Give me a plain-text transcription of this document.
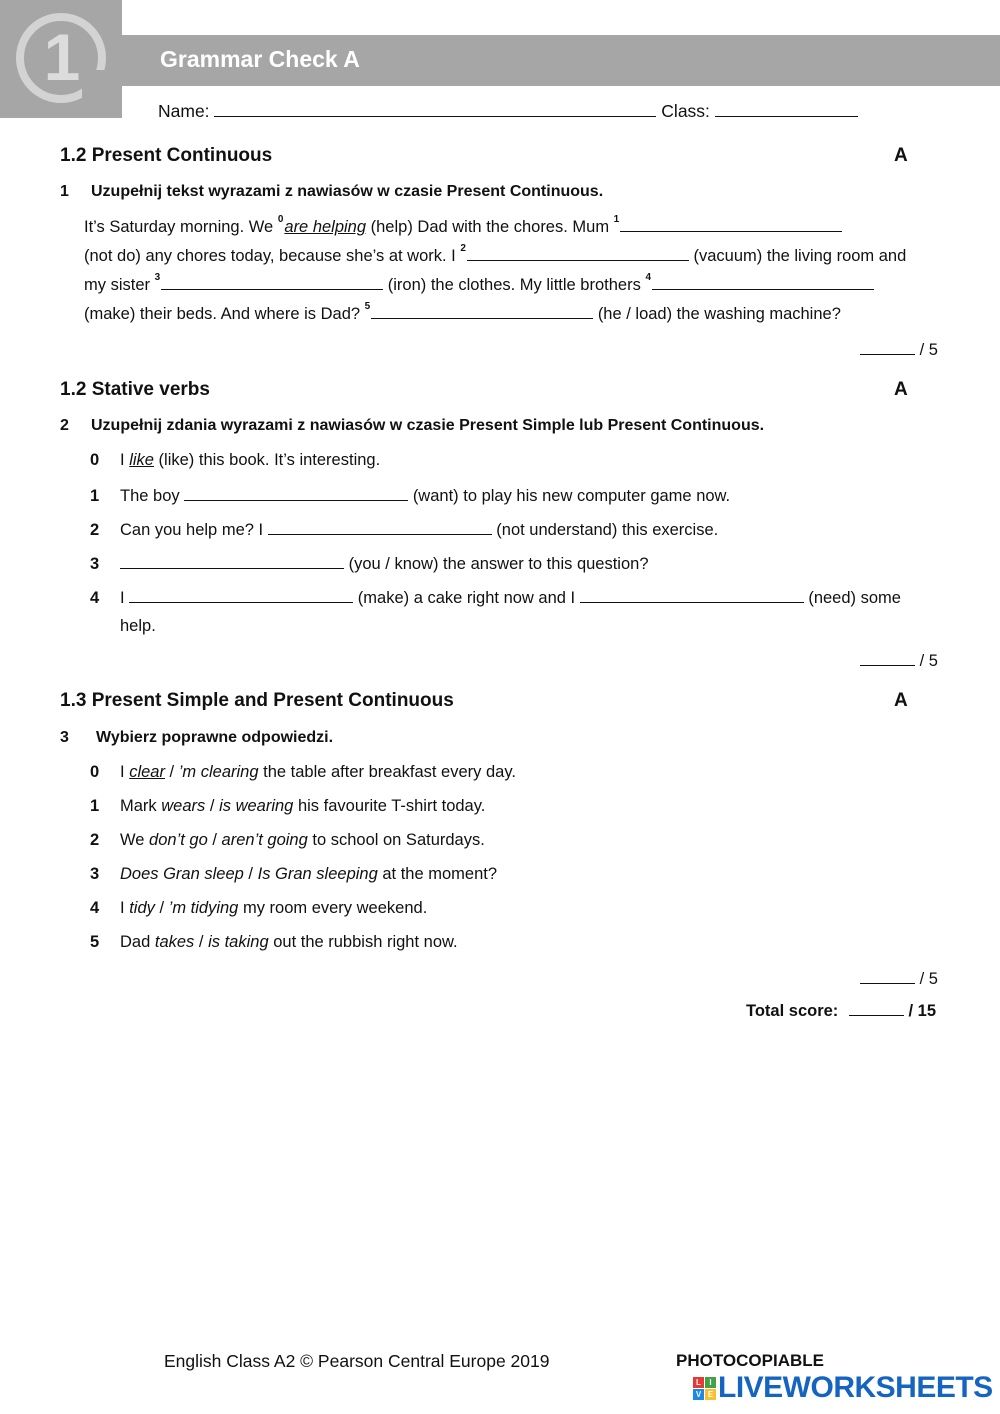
1	Grammar Check A
Name:	Class:
1.2 Present Continuous	A
1 Uzupełnij tekst wyrazami z nawiasów w czasie Present Continuous.
It’s Saturday morning. We $^0$are helping (help) Dad with the chores. Mum $^1$
(not do) any chores today, because she’s at work. I $^2$	(vacuum) the living room and
my sister $^3$	(iron) the clothes. My little brothers $^4$
(make) their beds. And where is Dad? $^5$	(he / load) the washing machine?
/ 5
1.2 Stative verbs	A
2 Uzupełnij zdania wyrazami z nawiasów w czasie Present Simple lub Present Continuous.
0 I like (like) this book. It’s interesting.
1 The boy	(want) to play his new computer game now.
2 Can you help me? I	(not understand) this exercise.
3	(you / know) the answer to this question?
4 I	(make) a cake right now and I	(need) some
help.
/ 5
1.3 Present Simple and Present Continuous	A
3 Wybierz poprawne odpowiedzi.
0 I clear / ’m clearing the table after breakfast every day.
1 Mark wears / is wearing his favourite T-shirt today.
2 We don’t go / aren’t going to school on Saturdays.
3 Does Gran sleep / Is Gran sleeping at the moment?
4 I tidy / ’m tidying my room every weekend.
5 Dad takes / is taking out the rubbish right now.
/ 5
Total score:	/ 15
English Class A2 © Pearson Central Europe 2019	PHOTOCOPIABLE
L	I
V E LIVEWORKSHEETS
